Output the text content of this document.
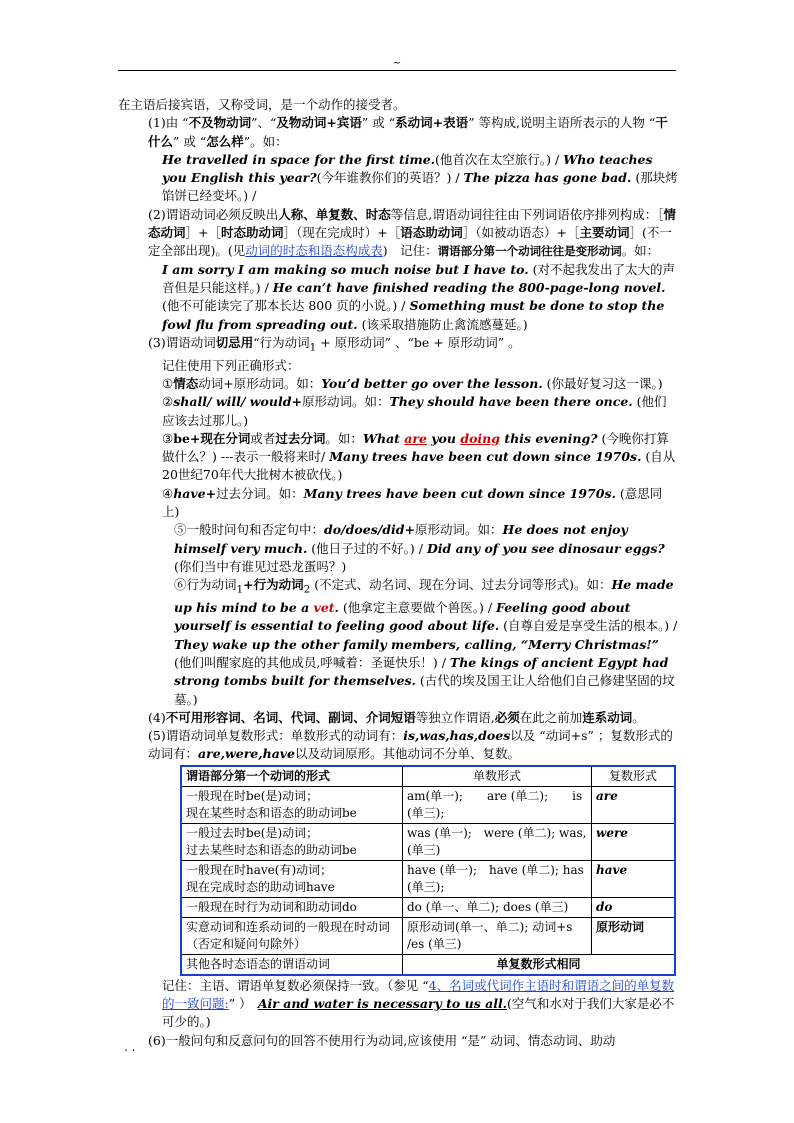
~

在主语后接宾语，又称受词，是一个动作的接受者。

(1)由 “不及物动词”、“及物动词+宾语” 或 “系动词+表语” 等构成,说明主语所表示的人物 “干什么” 或 “怎么样”。如：

He travelled in space for the first time.(他首次在太空旅行。) / Who teaches you English this year?(今年谁教你们的英语？) / The pizza has gone bad. (那块烤馅饼已经变坏。) /

(2)谓语动词必须反映出人称、单复数、时态等信息,谓语动词往往由下列词语依序排列构成：［情态动词］+［时态助动词］（现在完成时）+［语态助动词］（如被动语态）+［主要动词］(不一定全部出现)。(见动词的时态和语态构成表)　记住：谓语部分第一个动词往往是变形动词。如：

I am sorry I am making so much noise but I have to. (对不起我发出了太大的声音但是只能这样。) / He can’t have finished reading the 800-page-long novel. (他不可能读完了那本长达 800 页的小说。) / Something must be done to stop the fowl flu from spreading out. (该采取措施防止禽流感蔓延。)

(3)谓语动词切忌用“行为动词$_1$ + 原形动词” 、“be + 原形动词” 。

记住使用下列正确形式：

①情态动词+原形动词。如：You’d better go over the lesson. (你最好复习这一课。)

②shall/ will/ would+原形动词。如：They should have been there once. (他们应该去过那儿。)

③be+现在分词或者过去分词。如：What are you doing this evening? (今晚你打算做什么？) ---表示一般将来时/ Many trees have been cut down since 1970s. (自从20世纪70年代大批树木被砍伐。)

④have+过去分词。如：Many trees have been cut down since 1970s. (意思同上)

⑤一般时问句和否定句中：do/does/did+原形动词。如：He does not enjoy himself very much. (他日子过的不好。) / Did any of you see dinosaur eggs? (你们当中有谁见过恐龙蛋吗？)

⑥行为动词$_1$+行为动词$_2$ (不定式、动名词、现在分词、过去分词等形式)。如：He made up his mind to be a vet. (他拿定主意要做个兽医。) / Feeling good about yourself is essential to feeling good about life. (自尊自爱是享受生活的根本。) / They wake up the other family members, calling, “Merry Christmas!” (他们叫醒家庭的其他成员,呼喊着：圣诞快乐！) / The kings of ancient Egypt had strong tombs built for themselves. (古代的埃及国王让人给他们自己修建坚固的坟墓。)

(4)不可用形容词、名词、代词、副词、介词短语等独立作谓语,必须在此之前加连系动词。

(5)谓语动词单复数形式：单数形式的动词有：is,was,has,does以及 “动词+s” ；复数形式的动词有：are,were,have以及动词原形。其他动词不分单、复数。

谓语部分第一个动词的形式	单数形式	复数形式
一般现在时be(是)动词；
现在某些时态和语态的助动词be	am(单一);　　are (单二);　　is (单三);	are
一般过去时be(是)动词；
过去某些时态和语态的助动词be	was (单一);　were (单二); was,(单三)	were
一般现在时have(有)动词；
现在完成时态的助动词have	have (单一);　have (单二); has (单三);	have
一般现在时行为动词和助动词do	do (单一、单二); does (单三)	do
实意动词和连系动词的一般现在时动词（否定和疑问句除外）	原形动词(单一、单二); 动词+s /es (单三)	原形动词
其他各时态语态的谓语动词	单复数形式相同	

记住：主语、谓语单复数必须保持一致。（参见 “4、名词或代词作主语时和谓语之间的单复数的一致问题:” ）　Air and water is necessary to us all.(空气和水对于我们大家是必不可少的。)

(6)一般问句和反意问句的回答不使用行为动词,应该使用 “是” 动词、情态动词、助动

. .
